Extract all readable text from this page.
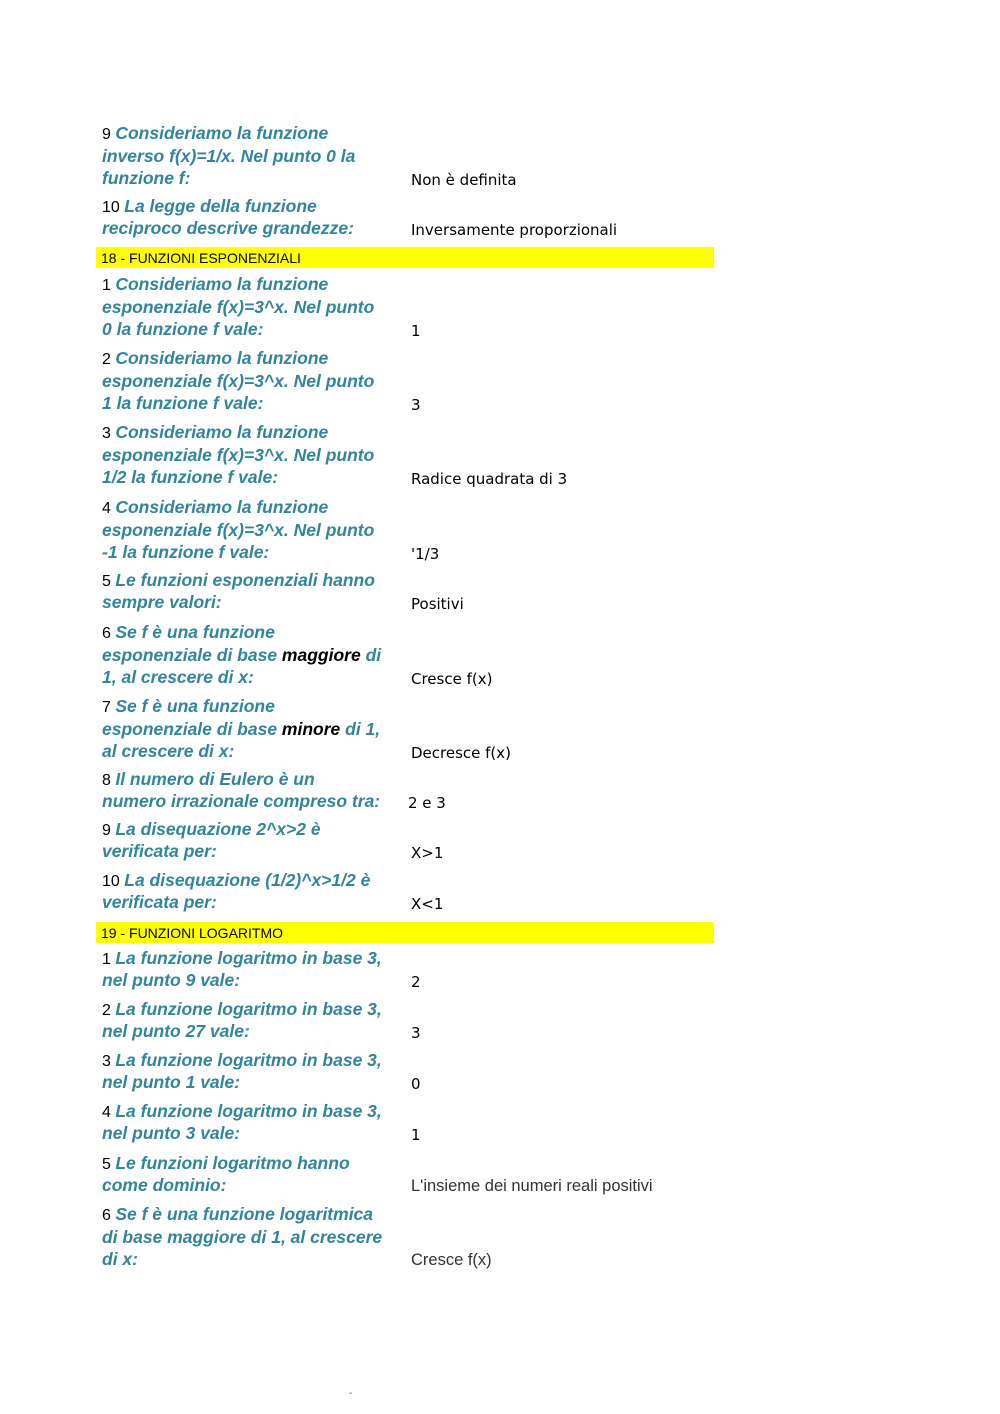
9 Consideriamo la funzione
inverso f(x)=1/x. Nel punto 0 la
funzione f:	Non è definita
10 La legge della funzione
reciproco descrive grandezze:	Inversamente proporzionali
18 - FUNZIONI ESPONENZIALI
1 Consideriamo la funzione
esponenziale f(x)=3^x. Nel punto
0 la funzione f vale:	1
2 Consideriamo la funzione
esponenziale f(x)=3^x. Nel punto
1 la funzione f vale:	3
3 Consideriamo la funzione
esponenziale f(x)=3^x. Nel punto
1/2 la funzione f vale:	Radice quadrata di 3
4 Consideriamo la funzione
esponenziale f(x)=3^x. Nel punto
-1 la funzione f vale:	'1/3
5 Le funzioni esponenziali hanno
sempre valori:	Positivi
6 Se f è una funzione
esponenziale di base maggiore di
1, al crescere di x:	Cresce f(x)
7 Se f è una funzione
esponenziale di base minore di 1,
al crescere di x:	Decresce f(x)
8 Il numero di Eulero è un
numero irrazionale compreso tra:	2 e 3
9 La disequazione 2^x>2 è
verificata per:	X>1
10 La disequazione (1/2)^x>1/2 è
verificata per:	X<1
19 - FUNZIONI LOGARITMO
1 La funzione logaritmo in base 3,
nel punto 9 vale:	2
2 La funzione logaritmo in base 3,
nel punto 27 vale:	3
3 La funzione logaritmo in base 3,
nel punto 1 vale:	0
4 La funzione logaritmo in base 3,
nel punto 3 vale:	1
5 Le funzioni logaritmo hanno
come dominio:	L'insieme dei numeri reali positivi
6 Se f è una funzione logaritmica
di base maggiore di 1, al crescere
di x:	Cresce f(x)
-
